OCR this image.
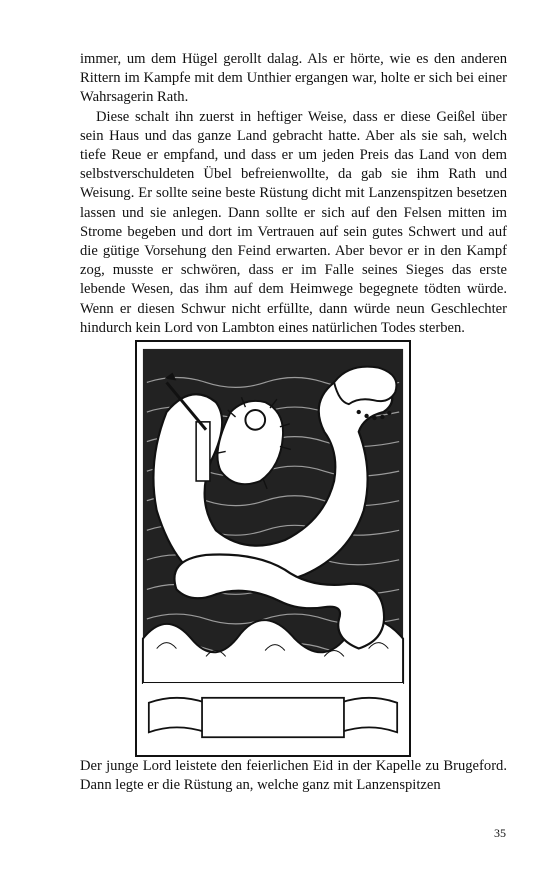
immer, um dem Hügel gerollt dalag. Als er hörte, wie es den anderen Rittern im Kampfe mit dem Unthier ergangen war, holte er sich bei einer Wahrsagerin Rath.

Diese schalt ihn zuerst in heftiger Weise, dass er diese Geißel über sein Haus und das ganze Land gebracht hatte. Aber als sie sah, welch tiefe Reue er empfand, und dass er um jeden Preis das Land von dem selbstverschuldeten Übel befreienwollte, da gab sie ihm Rath und Weisung. Er sollte seine beste Rüstung dicht mit Lanzenspitzen besetzen lassen und sie anlegen. Dann sollte er sich auf den Felsen mitten im Strome begeben und dort im Vertrauen auf sein gutes Schwert und auf die gütige Vorsehung den Feind erwarten. Aber bevor er in den Kampf zog, musste er schwören, dass er im Falle seines Sieges das erste lebende Wesen, das ihm auf dem Heimwege begegnete tödten würde. Wenn er diesen Schwur nicht erfüllte, dann würde neun Geschlechter hindurch kein Lord von Lambton eines natürlichen Todes sterben.

Der junge Lord leistete den feierlichen Eid in der Kapelle zu Brugeford. Dann legte er die Rüstung an, welche ganz mit Lanzenspitzen

35
